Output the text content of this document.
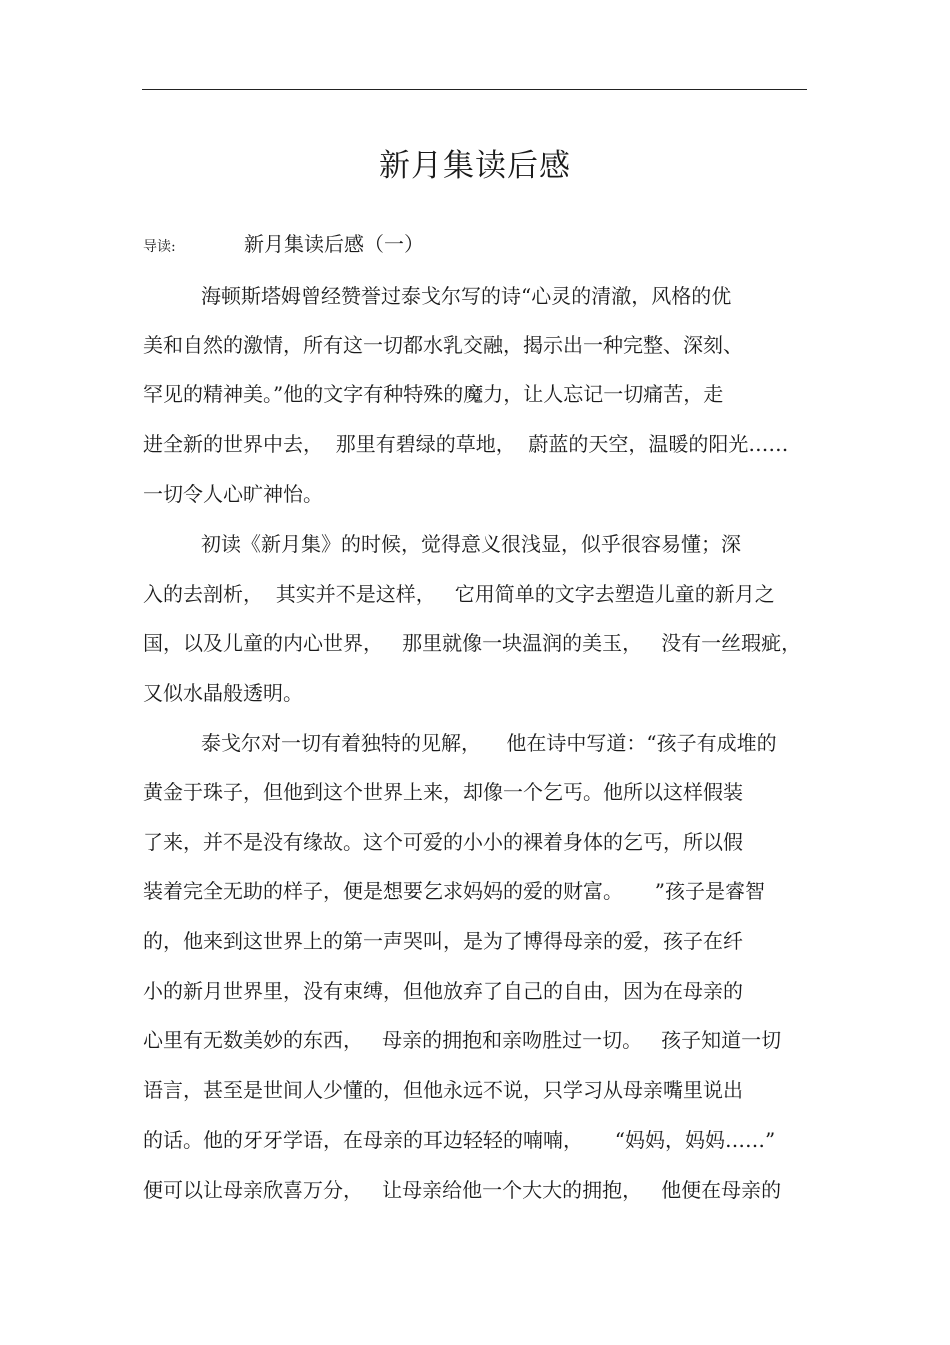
新月集读后感
导读:	新月集读后感（一）
海顿斯塔姆曾经赞誉过泰戈尔写的诗“心灵的清澈，风格的优
美和自然的激情，所有这一切都水乳交融，揭示出一种完整、深刻、
罕见的精神美。”他的文字有种特殊的魔力，让人忘记一切痛苦，走
进全新的世界中去，  那里有碧绿的草地，  蔚蓝的天空，温暖的阳光……
一切令人心旷神怡。
初读《新月集》的时候，觉得意义很浅显，似乎很容易懂；深
入的去剖析，  其实并不是这样，   它用简单的文字去塑造儿童的新月之
国，以及儿童的内心世界，   那里就像一块温润的美玉，   没有一丝瑕疵，
又似水晶般透明。
泰戈尔对一切有着独特的见解，    他在诗中写道：“孩子有成堆的
黄金于珠子，但他到这个世界上来，却像一个乞丐。他所以这样假装
了来，并不是没有缘故。这个可爱的小小的裸着身体的乞丐，所以假
装着完全无助的样子，便是想要乞求妈妈的爱的财富。     ”孩子是睿智
的，他来到这世界上的第一声哭叫，是为了博得母亲的爱，孩子在纤
小的新月世界里，没有束缚，但他放弃了自己的自由，因为在母亲的
心里有无数美妙的东西，   母亲的拥抱和亲吻胜过一切。   孩子知道一切
语言，甚至是世间人少懂的，但他永远不说，只学习从母亲嘴里说出
的话。他的牙牙学语，在母亲的耳边轻轻的喃喃，     “妈妈，妈妈……”
便可以让母亲欣喜万分，   让母亲给他一个大大的拥抱，   他便在母亲的
